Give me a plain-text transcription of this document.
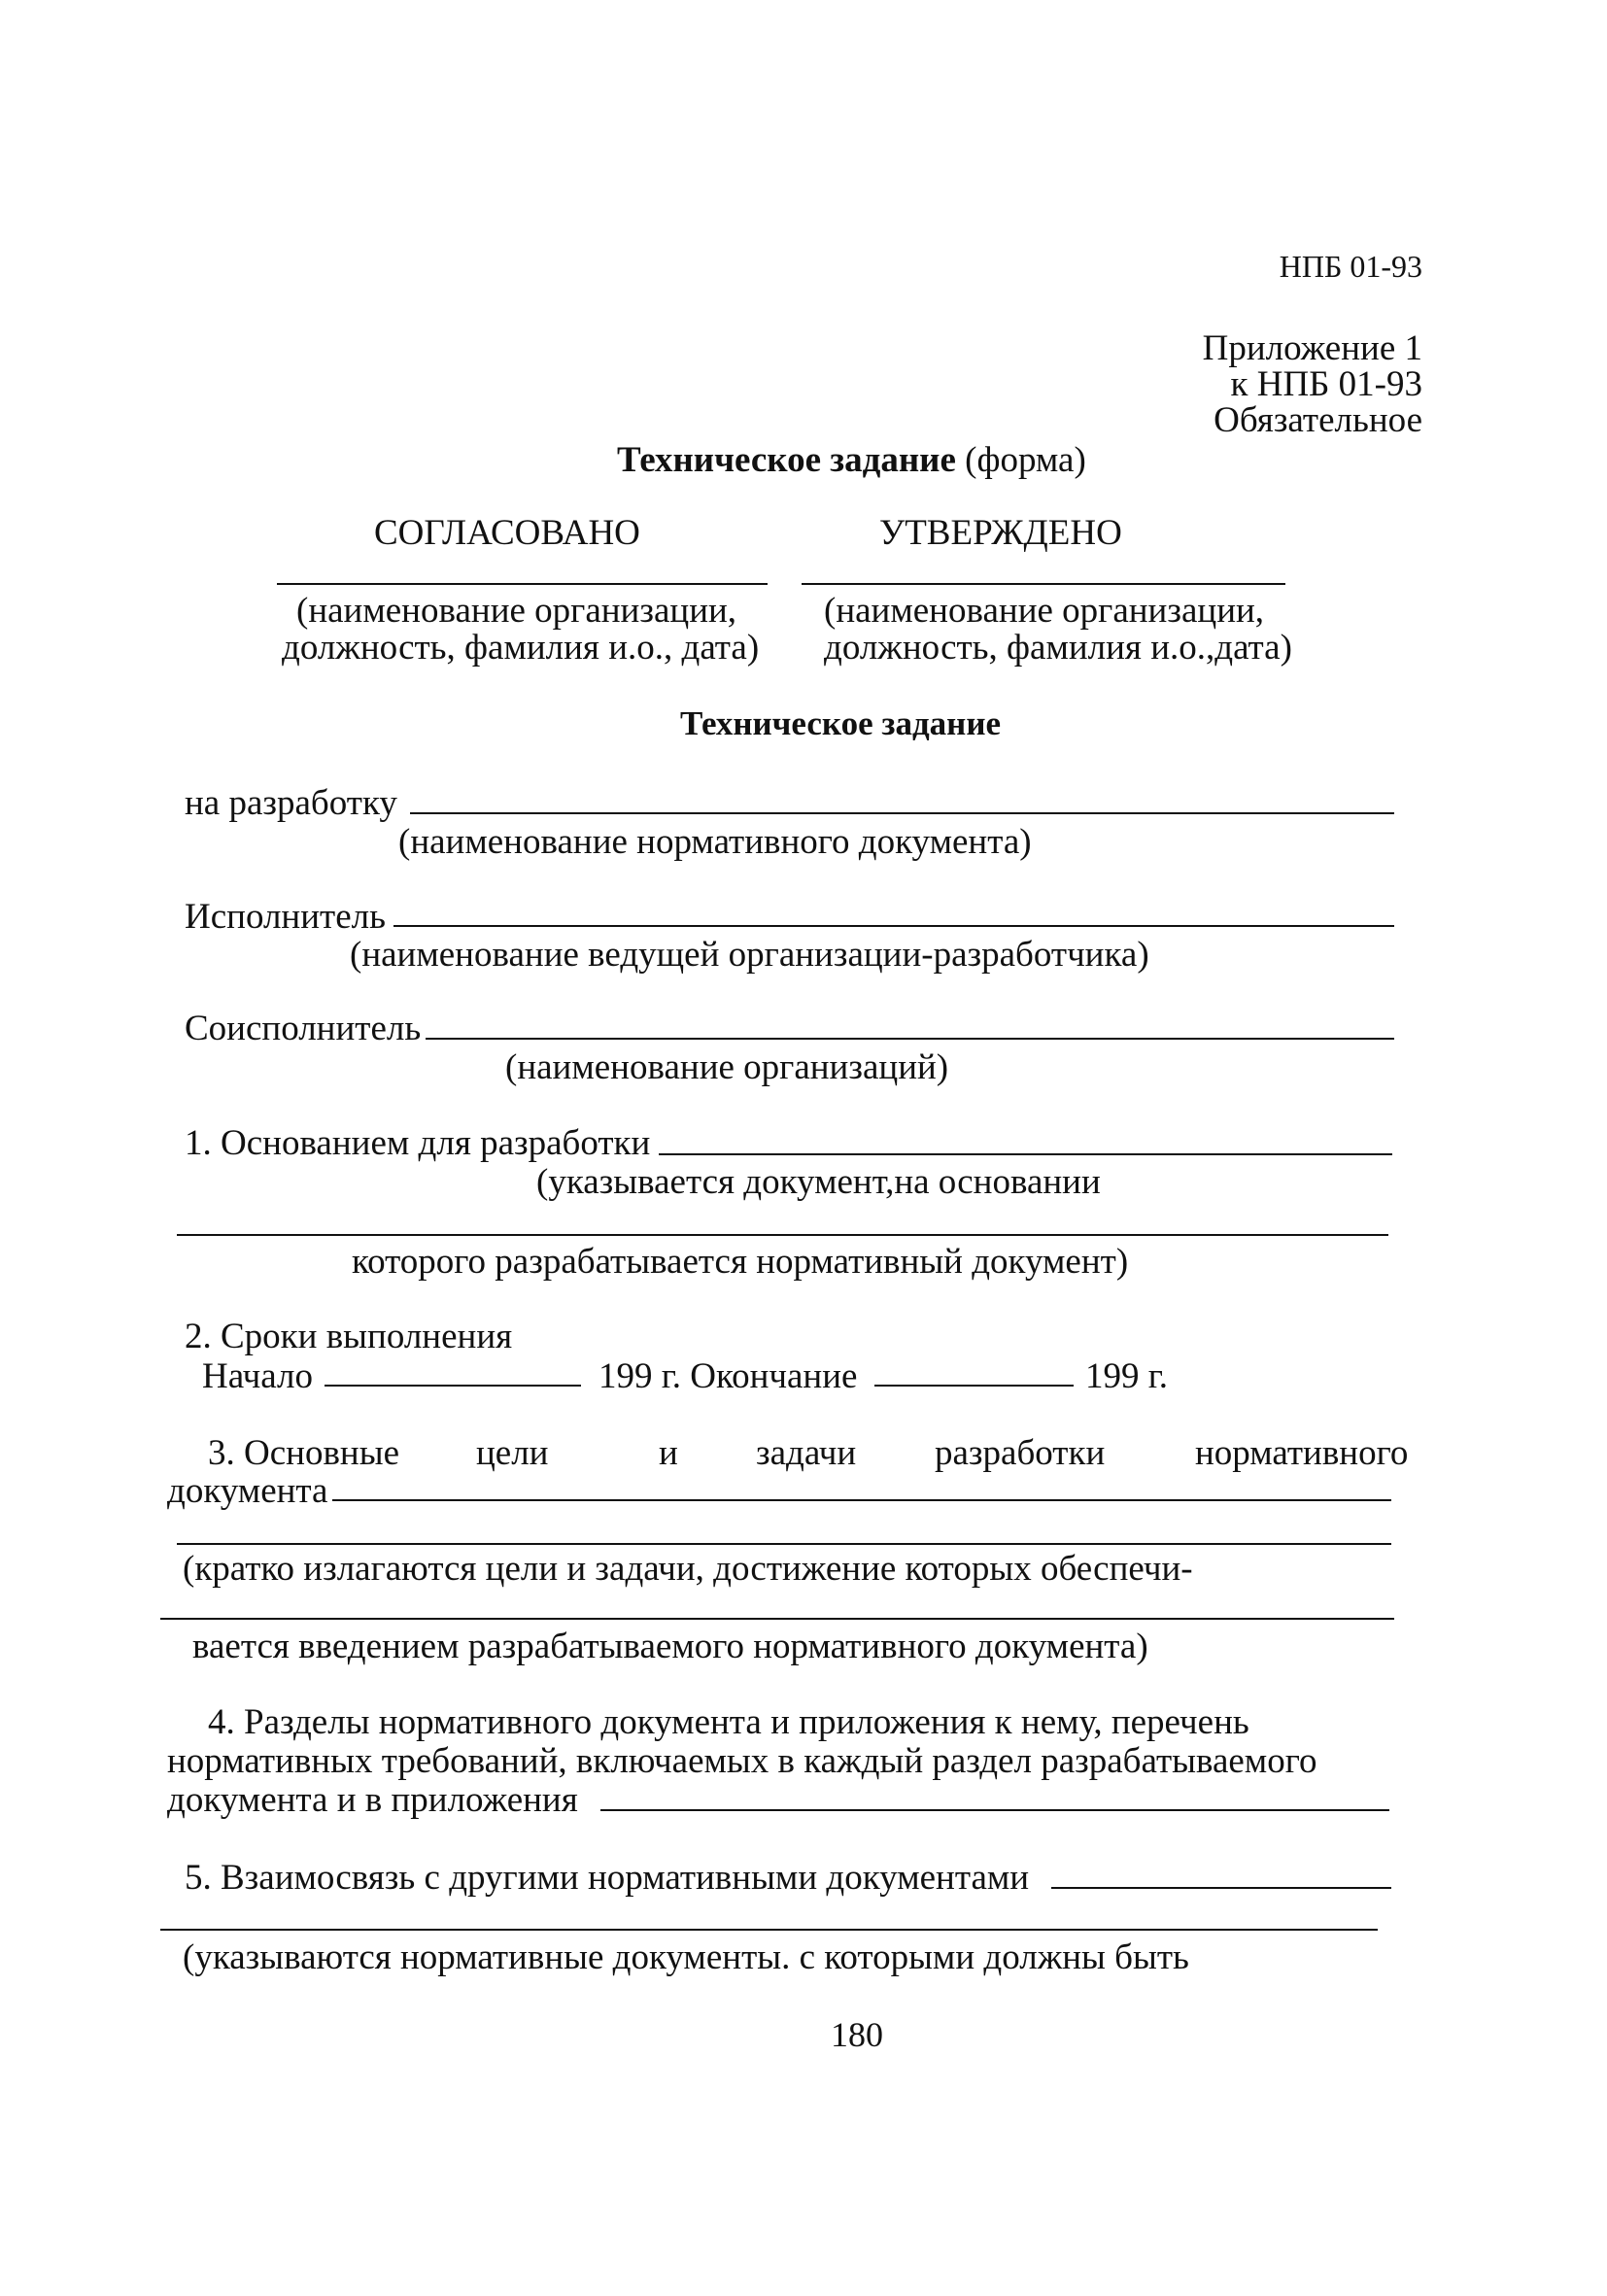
НПБ 01-93
Приложение 1
к НПБ 01-93
Обязательное
Техническое задание (форма)
СОГЛАСОВАНО	УТВЕРЖДЕНО
(наименование организации,
должность, фамилия и.о., дата)
(наименование организации,
должность, фамилия и.о.,дата)
Техническое задание
на разработку
(наименование нормативного документа)
Исполнитель
(наименование ведущей организации-разработчика)
Соисполнитель
(наименование организаций)
1. Основанием для разработки
(указывается документ,на основании
которого разрабатывается нормативный документ)
2. Сроки выполнения
Начало	199 г. Окончание	199 г.
3. Основные цели	и задачи разработки	нормативного
документа
(кратко излагаются цели и задачи, достижение которых обеспечи-
вается введением разрабатываемого нормативного документа)
4. Разделы нормативного документа и приложения к нему, перечень
нормативных требований, включаемых в каждый раздел разрабатываемого
документа и в приложения
5. Взаимосвязь с другими нормативными документами
(указываются нормативные документы. с которыми должны быть
180
